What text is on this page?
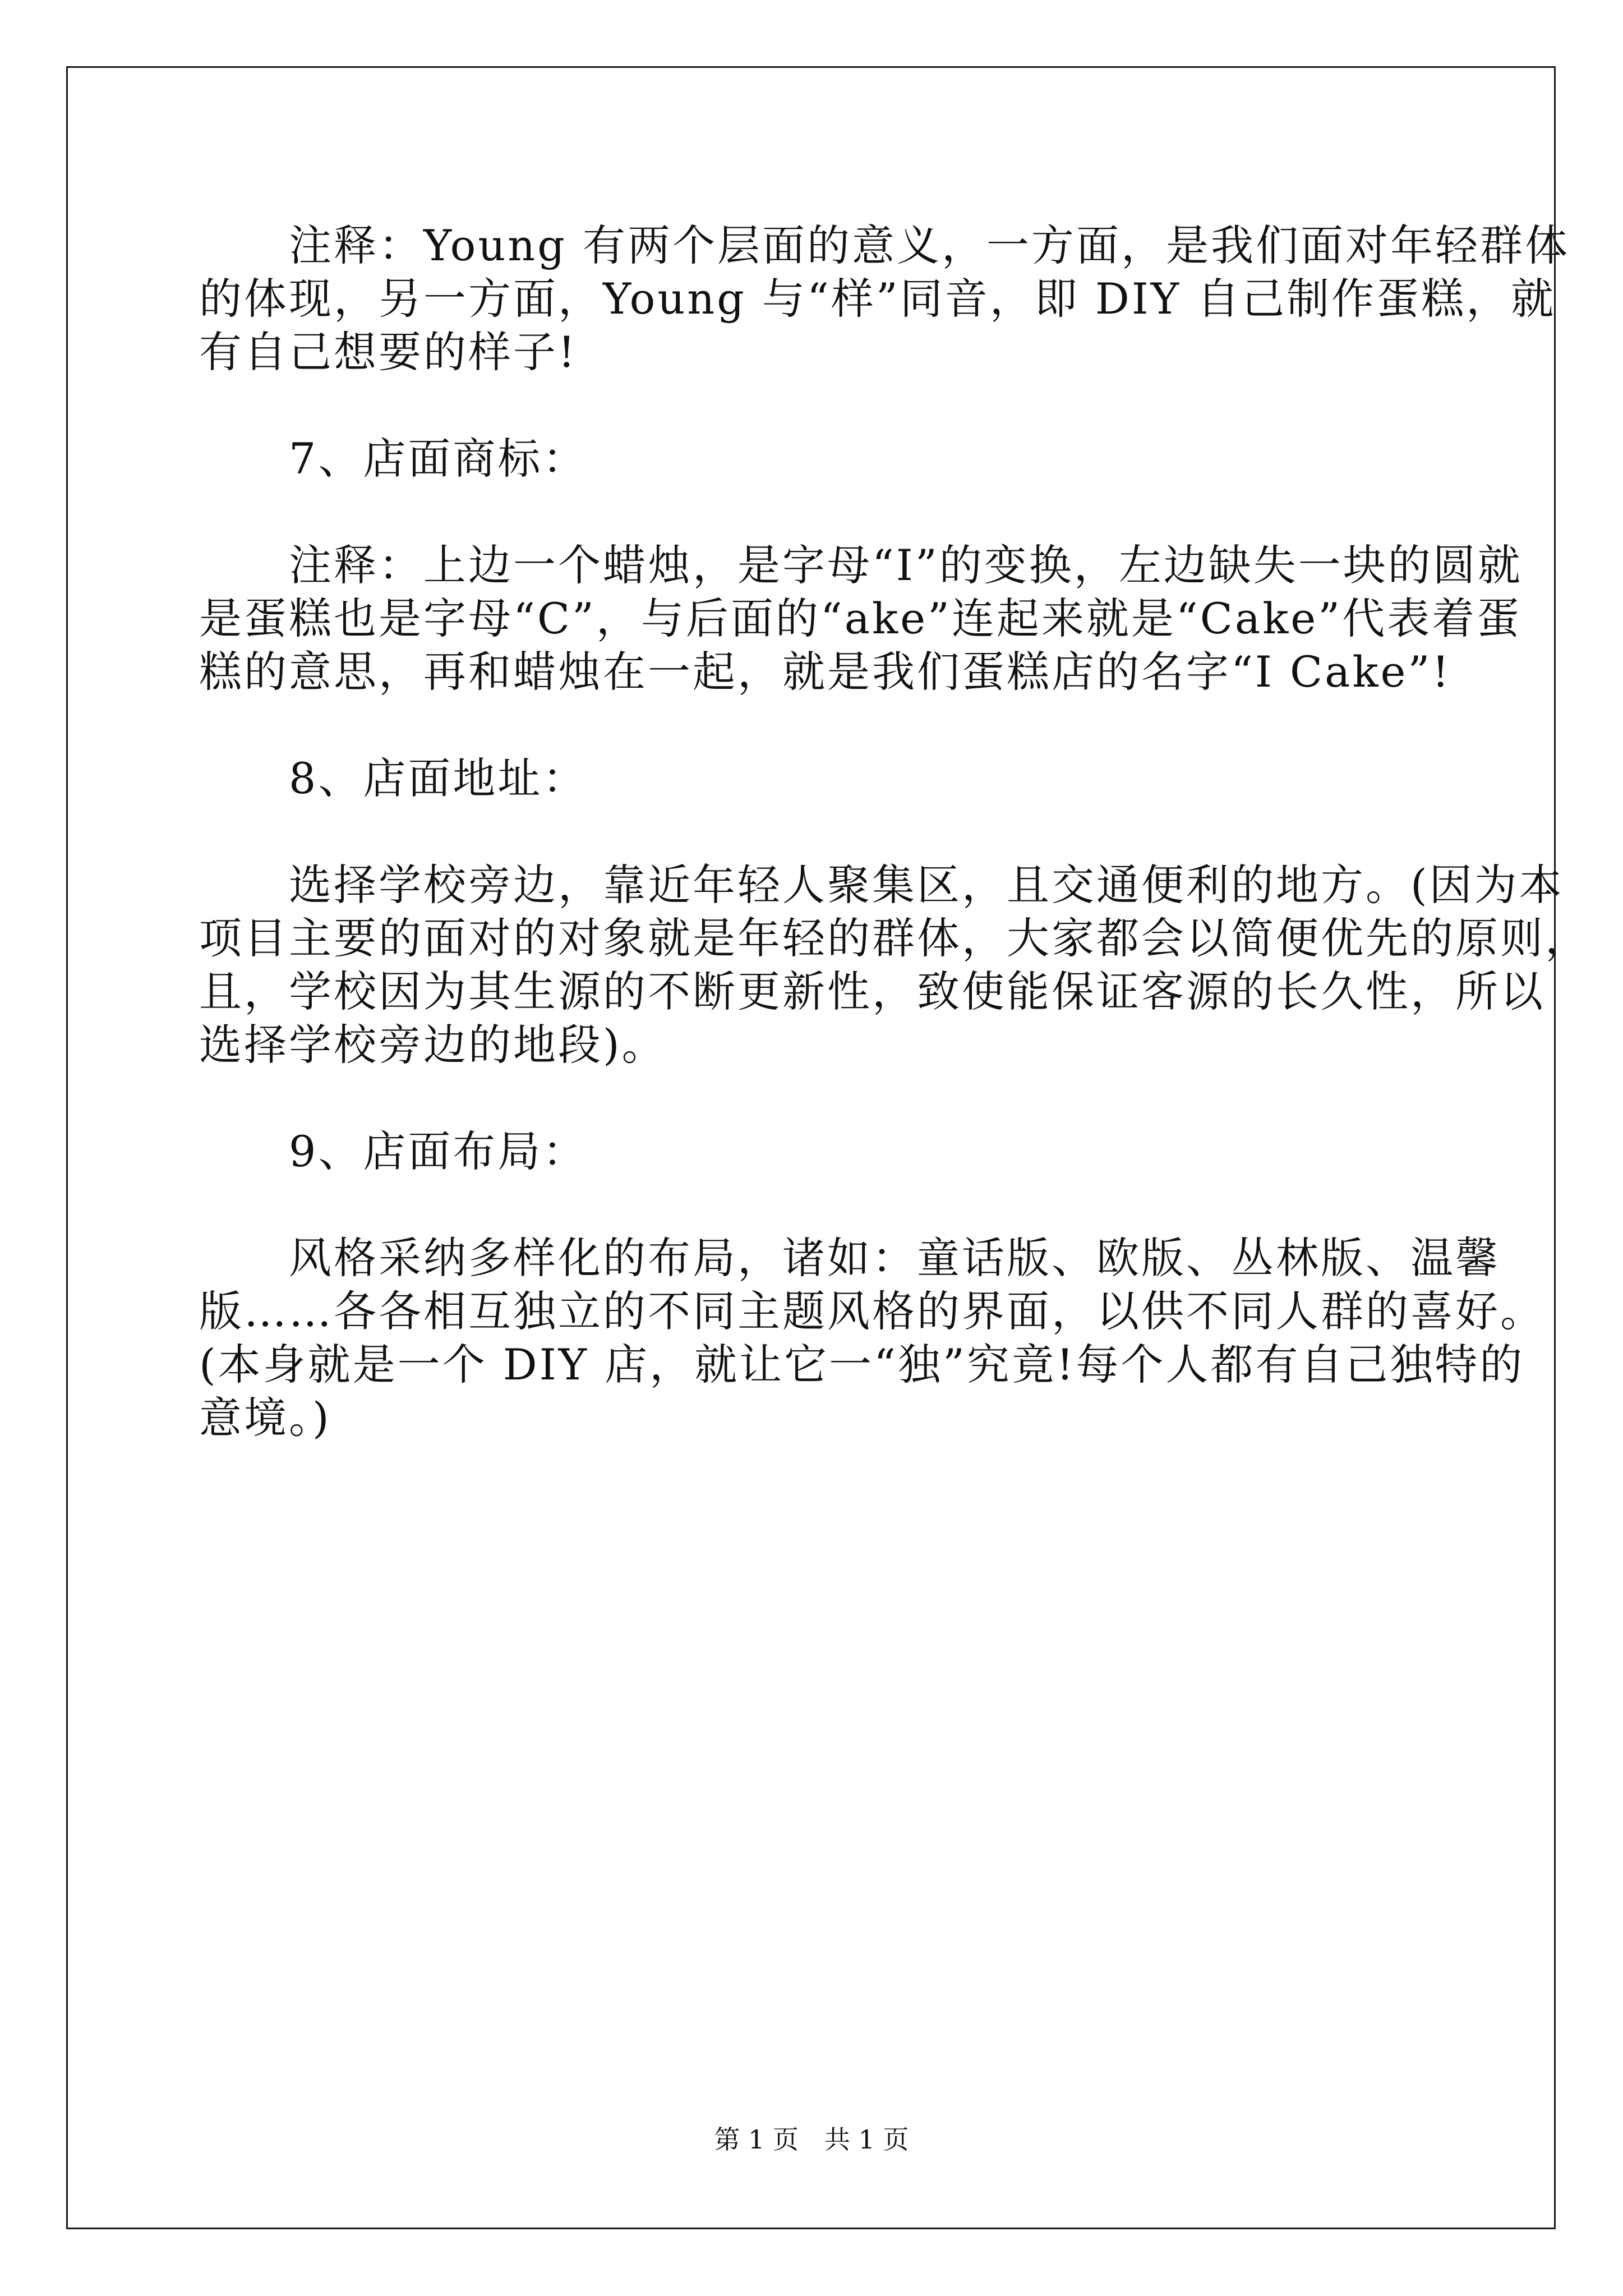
　　注释：Young 有两个层面的意义，一方面，是我们面对年轻群体

的体现，另一方面，Young 与“样”同音，即 DIY 自己制作蛋糕，就

有自己想要的样子!

　　7、店面商标：

　　注释：上边一个蜡烛，是字母“I”的变换，左边缺失一块的圆就

是蛋糕也是字母“C”，与后面的“ake”连起来就是“Cake”代表着蛋

糕的意思，再和蜡烛在一起，就是我们蛋糕店的名字“I Cake”!

　　8、店面地址：

　　选择学校旁边，靠近年轻人聚集区，且交通便利的地方。(因为本

项目主要的面对的对象就是年轻的群体，大家都会以简便优先的原则，

且，学校因为其生源的不断更新性，致使能保证客源的长久性，所以

选择学校旁边的地段)。

　　9、店面布局：

　　风格采纳多样化的布局，诸如：童话版、欧版、丛林版、温馨

版……各各相互独立的不同主题风格的界面，以供不同人群的喜好。

(本身就是一个 DIY 店，就让它一“独”究竟!每个人都有自己独特的

意境。)

第 1 页　共 1 页
